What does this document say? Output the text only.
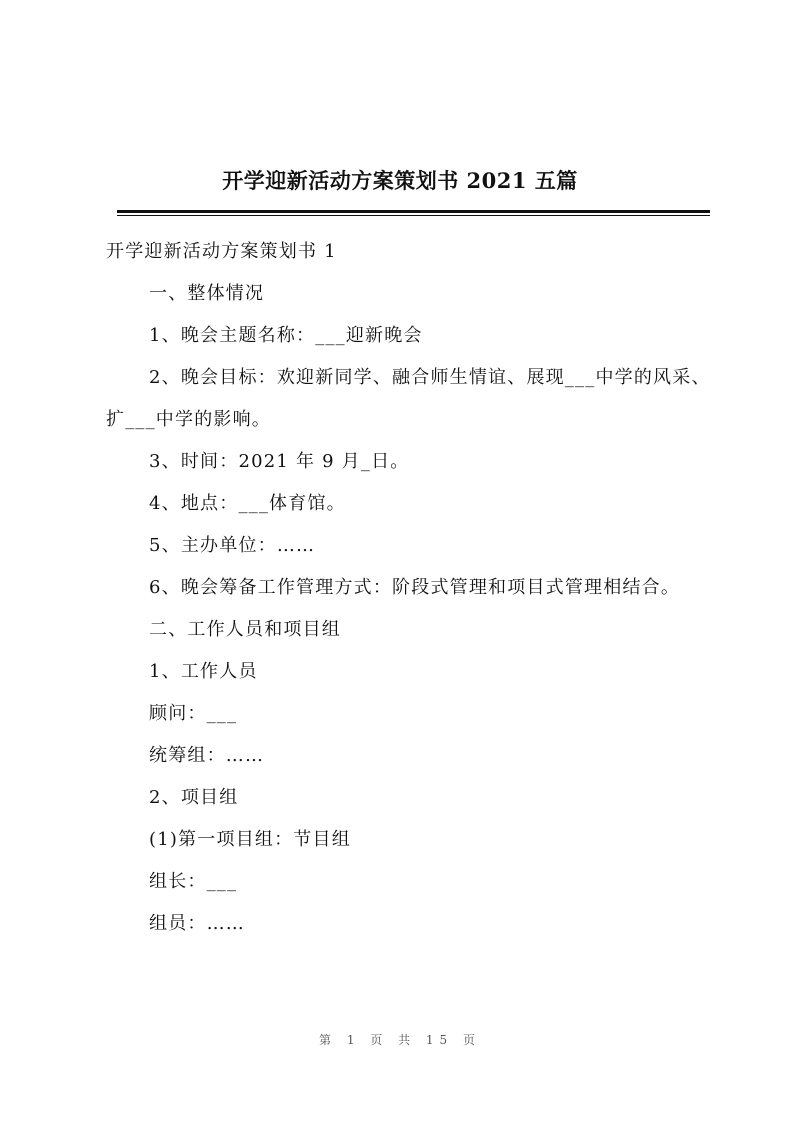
开学迎新活动方案策划书 2021 五篇

开学迎新活动方案策划书 1

一、整体情况

1、晚会主题名称：___迎新晚会

2、晚会目标：欢迎新同学、融合师生情谊、展现___中学的风采、扩___中学的影响。

3、时间：2021 年 9 月_日。

4、地点：___体育馆。

5、主办单位：……

6、晚会筹备工作管理方式：阶段式管理和项目式管理相结合。

二、工作人员和项目组

1、工作人员

顾问：___

统筹组：……

2、项目组

(1)第一项目组：节目组

组长：___

组员：……

第 1 页 共 15 页
